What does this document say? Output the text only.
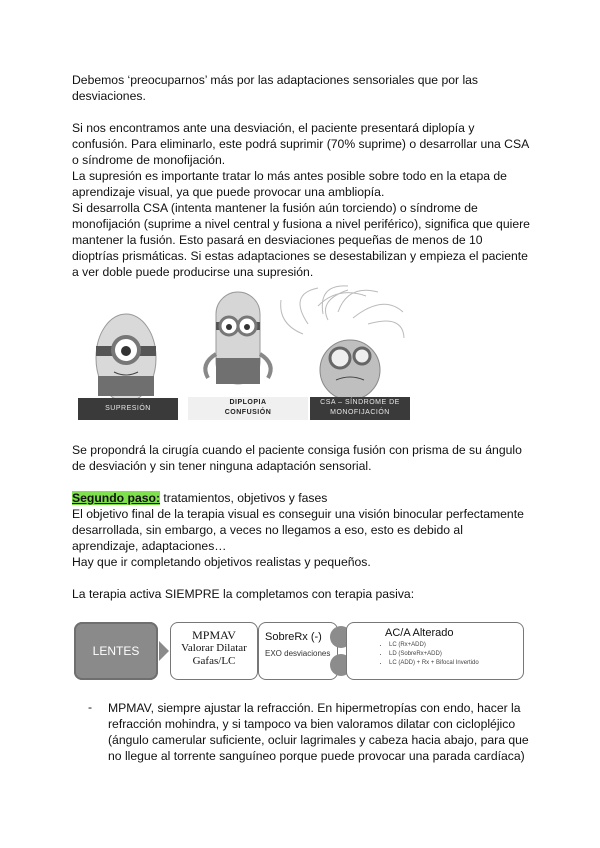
Debemos ‘preocuparnos’ más por las adaptaciones sensoriales que por las desviaciones.

Si nos encontramos ante una desviación, el paciente presentará diplopía y confusión. Para eliminarlo, este podrá suprimir (70% suprime) o desarrollar una CSA o síndrome de monofijación.

La supresión es importante tratar lo más antes posible sobre todo en la etapa de aprendizaje visual, ya que puede provocar una ambliopía.

Si desarrolla CSA (intenta mantener la fusión aún torciendo) o síndrome de monofijación (suprime a nivel central y fusiona a nivel periférico), significa que quiere mantener la fusión. Esto pasará en desviaciones pequeñas de menos de 10 dioptrías prismáticas. Si estas adaptaciones se desestabilizan y empieza el paciente a ver doble puede producirse una supresión.

SUPRESIÓN
DIPLOPIA
CONFUSIÓN
CSA – SÍNDROME DE
MONOFIJACIÓN

Se propondrá la cirugía cuando el paciente consiga fusión con prisma de su ángulo de desviación y sin tener ninguna adaptación sensorial.

Segundo paso: tratamientos, objetivos y fases

El objetivo final de la terapia visual es conseguir una visión binocular perfectamente desarrollada, sin embargo, a veces no llegamos a eso, esto es debido al aprendizaje, adaptaciones…

Hay que ir completando objetivos realistas y pequeños.

La terapia activa SIEMPRE la completamos con terapia pasiva:

LENTES
MPMAV
Valorar Dilatar
Gafas/LC
SobreRx (-)
EXO desviaciones
AC/A Alterado
• LC (Rx+ADD)
• LD (SobreRx+ADD)
• LC (ADD) + Rx + Bifocal Invertido
- MPMAV, siempre ajustar la refracción. En hipermetropías con endo, hacer la refracción mohindra, y si tampoco va bien valoramos dilatar con ciclopléjico (ángulo camerular suficiente, ocluir lagrimales y cabeza hacia abajo, para que no llegue al torrente sanguíneo porque puede provocar una parada cardíaca)
